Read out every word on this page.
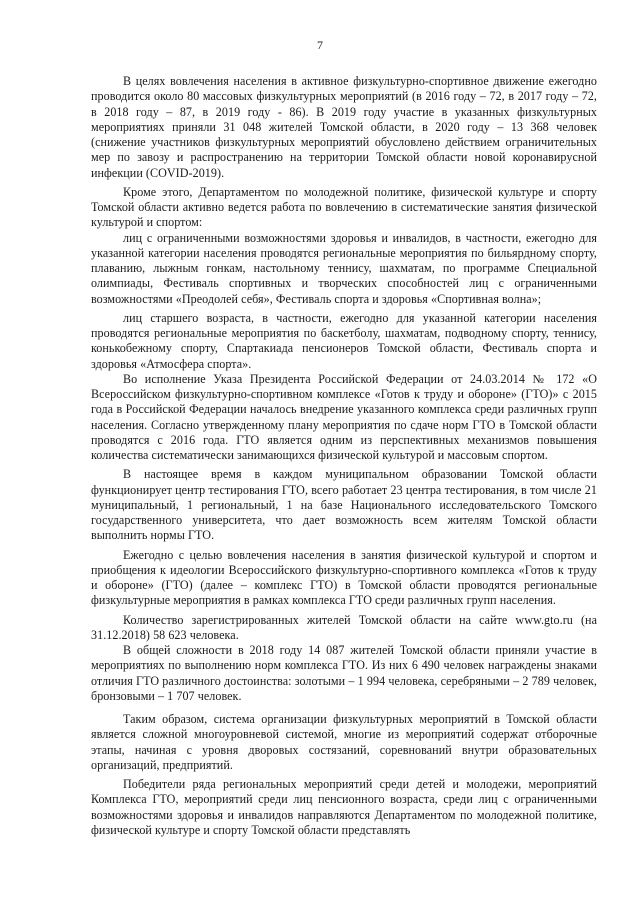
7

В целях вовлечения населения в активное физкультурно-спортивное движение ежегодно проводится около 80 массовых физкультурных мероприятий (в 2016 году – 72, в 2017 году – 72, в 2018 году – 87, в 2019 году - 86). В 2019 году участие в указанных физкультурных мероприятиях приняли 31 048 жителей Томской области, в 2020 году – 13 368 человек (снижение участников физкультурных мероприятий обусловлено действием ограничительных мер по завозу и распространению на территории Томской области новой коронавирусной инфекции (COVID-2019).

Кроме этого, Департаментом по молодежной политике, физической культуре и спорту Томской области активно ведется работа по вовлечению в систематические занятия физической культурой и спортом:

лиц с ограниченными возможностями здоровья и инвалидов, в частности, ежегодно для указанной категории населения проводятся региональные мероприятия по бильярдному спорту, плаванию, лыжным гонкам, настольному теннису, шахматам, по программе Специальной олимпиады, Фестиваль спортивных и творческих способностей лиц с ограниченными возможностями «Преодолей себя», Фестиваль спорта и здоровья «Спортивная волна»;

лиц старшего возраста, в частности, ежегодно для указанной категории населения проводятся региональные мероприятия по баскетболу, шахматам, подводному спорту, теннису, конькобежному спорту, Спартакиада пенсионеров Томской области, Фестиваль спорта и здоровья «Атмосфера спорта».

Во исполнение Указа Президента Российской Федерации от 24.03.2014 № 172 «О Всероссийском физкультурно-спортивном комплексе «Готов к труду и обороне» (ГТО)» с 2015 года в Российской Федерации началось внедрение указанного комплекса среди различных групп населения. Согласно утвержденному плану мероприятия по сдаче норм ГТО в Томской области проводятся с 2016 года. ГТО является одним из перспективных механизмов повышения количества систематически занимающихся физической культурой и массовым спортом.

В настоящее время в каждом муниципальном образовании Томской области функционирует центр тестирования ГТО, всего работает 23 центра тестирования, в том числе 21 муниципальный, 1 региональный, 1 на базе Национального исследовательского Томского государственного университета, что дает возможность всем жителям Томской области выполнить нормы ГТО.

Ежегодно с целью вовлечения населения в занятия физической культурой и спортом и приобщения к идеологии Всероссийского физкультурно-спортивного комплекса «Готов к труду и обороне» (ГТО) (далее – комплекс ГТО) в Томской области проводятся региональные физкультурные мероприятия в рамках комплекса ГТО среди различных групп населения.

Количество зарегистрированных жителей Томской области на сайте www.gto.ru (на 31.12.2018) 58 623 человека.

В общей сложности в 2018 году 14 087 жителей Томской области приняли участие в мероприятиях по выполнению норм комплекса ГТО. Из них 6 490 человек награждены знаками отличия ГТО различного достоинства: золотыми – 1 994 человека, серебряными – 2 789 человек, бронзовыми – 1 707 человек.

Таким образом, система организации физкультурных мероприятий в Томской области является сложной многоуровневой системой, многие из мероприятий содержат отборочные этапы, начиная с уровня дворовых состязаний, соревнований внутри образовательных организаций, предприятий.

Победители ряда региональных мероприятий среди детей и молодежи, мероприятий Комплекса ГТО, мероприятий среди лиц пенсионного возраста, среди лиц с ограниченными возможностями здоровья и инвалидов направляются Департаментом по молодежной политике, физической культуре и спорту Томской области представлять
